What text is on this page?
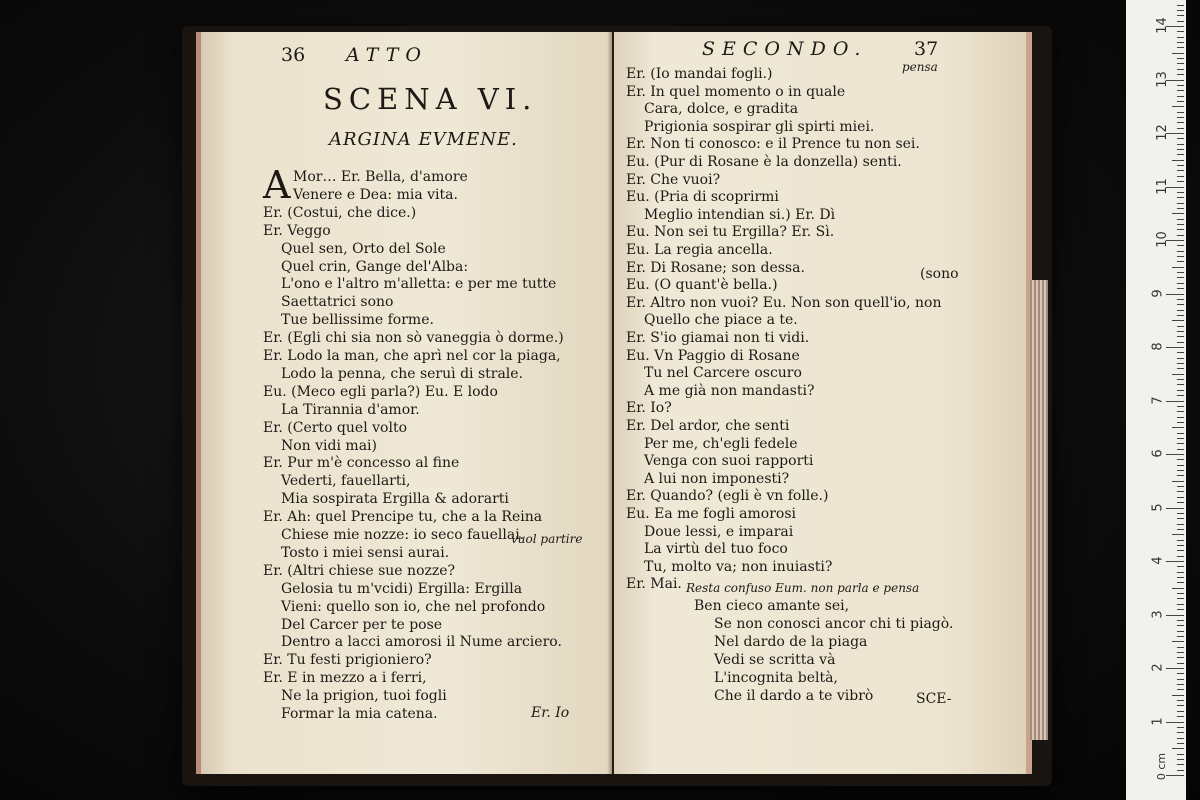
36 ATTO
SCENA VI.
ARGINA EVMENE.
A Mor… Er. Bella, d'amore
Venere e Dea: mia vita.
Er. (Costui, che dice.)
Er. Veggo
Quel sen, Orto del Sole
Quel crin, Gange del'Alba:
L'ono e l'altro m'alletta: e per me tutte
Saettatrici sono
Tue bellissime forme.
Er. (Egli chi sia non sò vaneggia ò dorme.)
Er. Lodo la man, che aprì nel cor la piaga,
Lodo la penna, che seruì di strale.
Eu. (Meco egli parla?) Eu. E lodo
La Tirannia d'amor.
Er. (Certo quel volto
Non vidi mai)
Er. Pur m'è concesso al fine
Vederti, fauellarti,
Mia sospirata Ergilla & adorarti
Er. Ah: quel Prencipe tu, che a la Reina
Chiese mie nozze: io seco fauellai.
Tosto i miei sensi aurai.
Er. (Altri chiese sue nozze?
Gelosia tu m'vcidi) Ergilla: Ergilla
Vieni: quello son io, che nel profondo
Del Carcer per te pose
Dentro a lacci amorosi il Nume arciero.
Er. Tu festi prigioniero?
Er. E in mezzo a i ferri,
Ne la prigion, tuoi fogli
Formar la mia catena.
vuol partire
Er. Io
SECONDO. 37
pensa
Er. (Io mandai fogli.)
Er. In quel momento o in quale
Cara, dolce, e gradita
Prigionia sospirar gli spirti miei.
Er. Non ti conosco: e il Prence tu non sei.
Eu. (Pur di Rosane è la donzella) senti.
Er. Che vuoi?
Eu. (Pria di scoprirmi
Meglio intendian si.) Er. Dì
Eu. Non sei tu Ergilla? Er. Sì.
Eu. La regia ancella.
Er. Di Rosane; son dessa.
Eu. (O quant'è bella.)
Er. Altro non vuoi? Eu. Non son quell'io, non
Quello che piace a te.
Er. S'io giamai non ti vidi.
Eu. Vn Paggio di Rosane
Tu nel Carcere oscuro
A me già non mandasti?
Er. Io?
Er. Del ardor, che senti
Per me, ch'egli fedele
Venga con suoi rapporti
A lui non imponesti?
Er. Quando? (egli è vn folle.)
Eu. Ea me fogli amorosi
Doue lessi, e imparai
La virtù del tuo foco
Tu, molto va; non inuiasti?
Er. Mai.
(sono
Resta confuso Eum. non parla e pensa
Ben cieco amante sei,
Se non conosci ancor chi ti piagò.
Nel dardo de la piaga
Vedi se scritta và
L'incognita beltà,
Che il dardo a te vibrò	SCE-
1
2
3
4
5
6
7
8
9
10
11
12
13
14
0 cm
